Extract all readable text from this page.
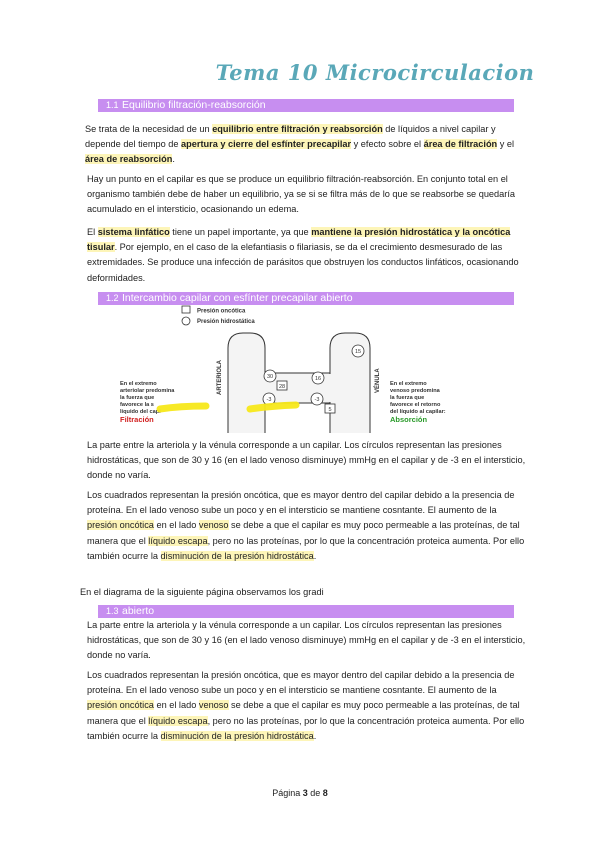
Tema 10 Microcirculacion
1.1 Equilibrio filtración-reabsorción

Se trata de la necesidad de un equilibrio entre filtración y reabsorción de líquidos a nivel capilar y depende del tiempo de apertura y cierre del esfínter precapilar y efecto sobre el área de filtración y el área de reabsorción.

Hay un punto en el capilar es que se produce un equilibrio filtración-reabsorción. En conjunto total en el organismo también debe de haber un equilibrio, ya se si se filtra más de lo que se reabsorbe se quedaría acumulado en el intersticio, ocasionando un edema.

El sistema linfático tiene un papel importante, ya que mantiene la presión hidrostática y la oncótica tisular. Por ejemplo, en el caso de la elefantiasis o filariasis, se da el crecimiento desmesurado de las extremidades. Se produce una infección de parásitos que obstruyen los conductos linfáticos, ocasionando deformidades.

1.2 Intercambio capilar con esfínter precapilar abierto
Presión oncótica
Presión hidrostática
ARTERIOLA	VÉNULA
15
30
28
16
-3	-3
5
En el extremo
arteriolar predomina
la fuerza que
favorece la s
líquido del capi
Filtración
En el extremo
venoso predomina
la fuerza que
favorece el retorno
del líquido al capilar:
Absorción

La parte entre la arteriola y la vénula corresponde a un capilar. Los círculos representan las presiones hidrostáticas, que son de 30 y 16 (en el lado venoso disminuye) mmHg en el capilar y de -3 en el intersticio, donde no varía.

Los cuadrados representan la presión oncótica, que es mayor dentro del capilar debido a la presencia de proteína. En el lado venoso sube un poco y en el intersticio se mantiene cosntante. El aumento de la presión oncótica en el lado venoso se debe a que el capilar es muy poco permeable a las proteínas, de tal manera que el líquido escapa, pero no las proteínas, por lo que la concentración proteica aumenta. Por ello también ocurre la disminución de la presión hidrostática.

En el diagrama de la siguiente página observamos los gradi

1.3 abierto

La parte entre la arteriola y la vénula corresponde a un capilar. Los círculos representan las presiones hidrostáticas, que son de 30 y 16 (en el lado venoso disminuye) mmHg en el capilar y de -3 en el intersticio, donde no varía.

Los cuadrados representan la presión oncótica, que es mayor dentro del capilar debido a la presencia de proteína. En el lado venoso sube un poco y en el intersticio se mantiene cosntante. El aumento de la presión oncótica en el lado venoso se debe a que el capilar es muy poco permeable a las proteínas, de tal manera que el líquido escapa, pero no las proteínas, por lo que la concentración proteica aumenta. Por ello también ocurre la disminución de la presión hidrostática.

Página 3 de 8
